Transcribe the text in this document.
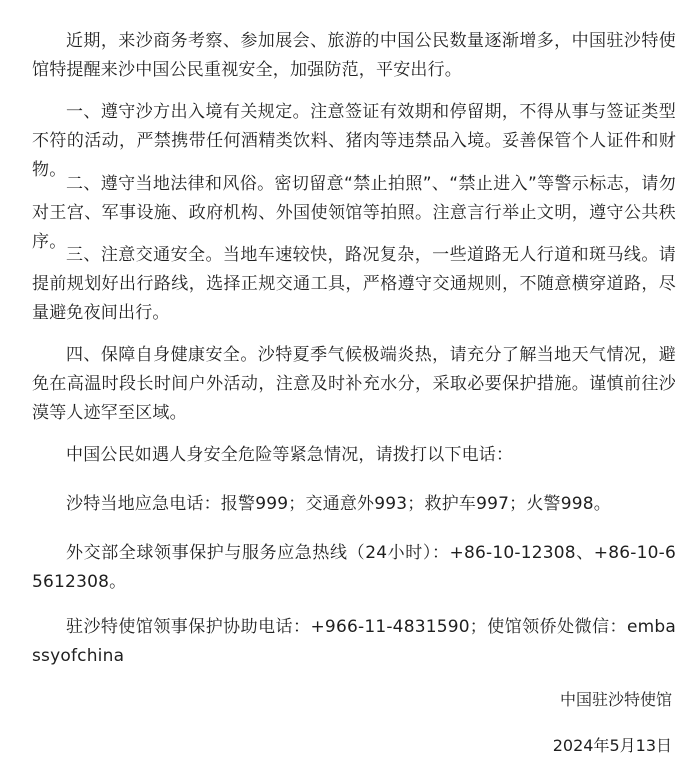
近期，来沙商务考察、参加展会、旅游的中国公民数量逐渐增多，中国驻沙特使馆特提醒来沙中国公民重视安全，加强防范，平安出行。

一、遵守沙方出入境有关规定。注意签证有效期和停留期，不得从事与签证类型不符的活动，严禁携带任何酒精类饮料、猪肉等违禁品入境。妥善保管个人证件和财物。

二、遵守当地法律和风俗。密切留意“禁止拍照”、“禁止进入”等警示标志，请勿对王宫、军事设施、政府机构、外国使领馆等拍照。注意言行举止文明，遵守公共秩序。

三、注意交通安全。当地车速较快，路况复杂，一些道路无人行道和斑马线。请提前规划好出行路线，选择正规交通工具，严格遵守交通规则，不随意横穿道路，尽量避免夜间出行。

四、保障自身健康安全。沙特夏季气候极端炎热，请充分了解当地天气情况，避免在高温时段长时间户外活动，注意及时补充水分，采取必要保护措施。谨慎前往沙漠等人迹罕至区域。

中国公民如遇人身安全危险等紧急情况，请拨打以下电话：

沙特当地应急电话：报警999；交通意外993；救护车997；火警998。

外交部全球领事保护与服务应急热线（24小时）：+86-10-12308、+86-10-65612308。

驻沙特使馆领事保护协助电话：+966-11-4831590；使馆领侨处微信：embassyofchina

中国驻沙特使馆

2024年5月13日
